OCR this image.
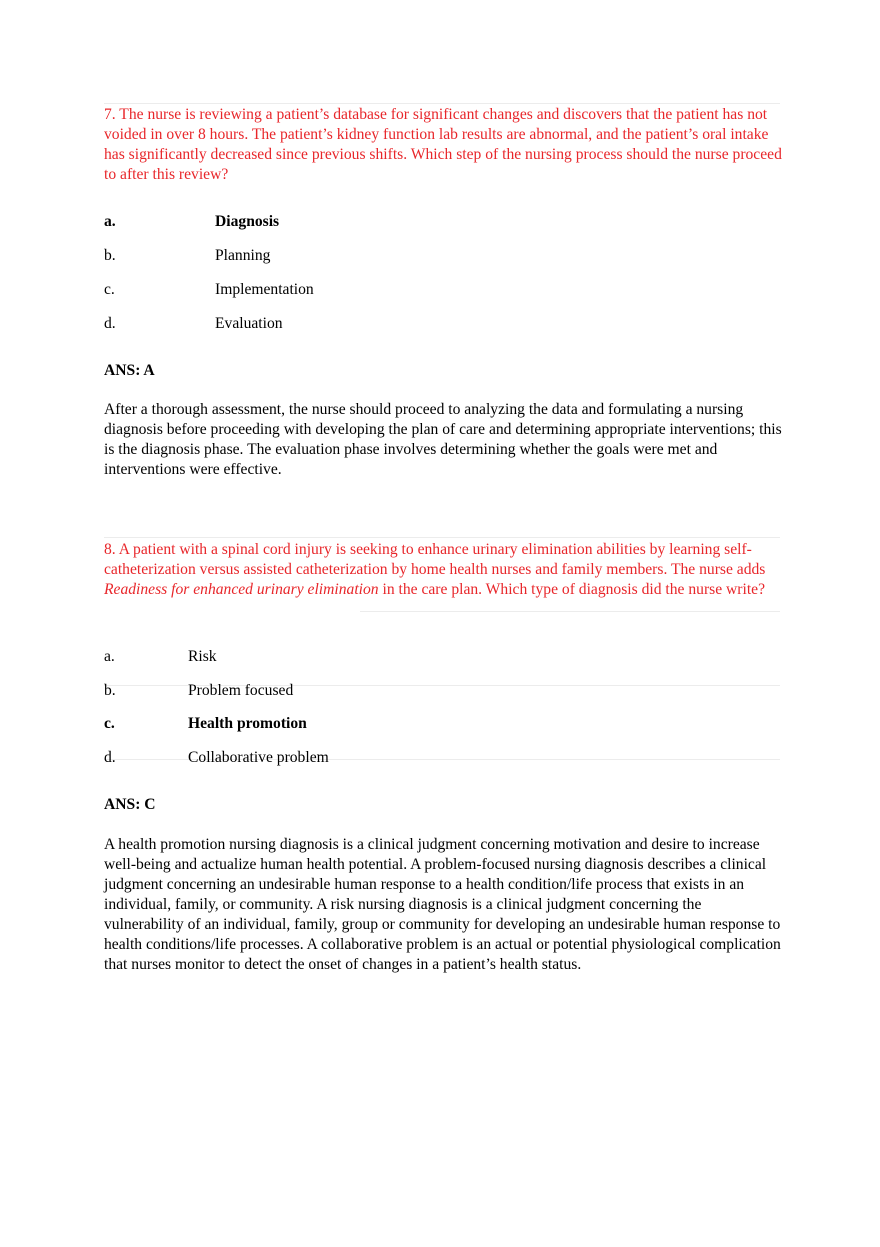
7. The nurse is reviewing a patient’s database for significant changes and discovers that the patient has not voided in over 8 hours. The patient’s kidney function lab results are abnormal, and the patient’s oral intake has significantly decreased since previous shifts. Which step of the nursing process should the nurse proceed to after this review?
a.	Diagnosis
b.	Planning
c.	Implementation
d.	Evaluation
ANS: A
After a thorough assessment, the nurse should proceed to analyzing the data and formulating a nursing diagnosis before proceeding with developing the plan of care and determining appropriate interventions; this is the diagnosis phase. The evaluation phase involves determining whether the goals were met and interventions were effective.
8. A patient with a spinal cord injury is seeking to enhance urinary elimination abilities by learning self-catheterization versus assisted catheterization by home health nurses and family members. The nurse adds Readiness for enhanced urinary elimination in the care plan. Which type of diagnosis did the nurse write?
a.	Risk
b.	Problem focused
c.	Health promotion
d.	Collaborative problem
ANS: C
A health promotion nursing diagnosis is a clinical judgment concerning motivation and desire to increase well-being and actualize human health potential. A problem-focused nursing diagnosis describes a clinical judgment concerning an undesirable human response to a health condition/life process that exists in an individual, family, or community. A risk nursing diagnosis is a clinical judgment concerning the vulnerability of an individual, family, group or community for developing an undesirable human response to health conditions/life processes. A collaborative problem is an actual or potential physiological complication that nurses monitor to detect the onset of changes in a patient’s health status.
